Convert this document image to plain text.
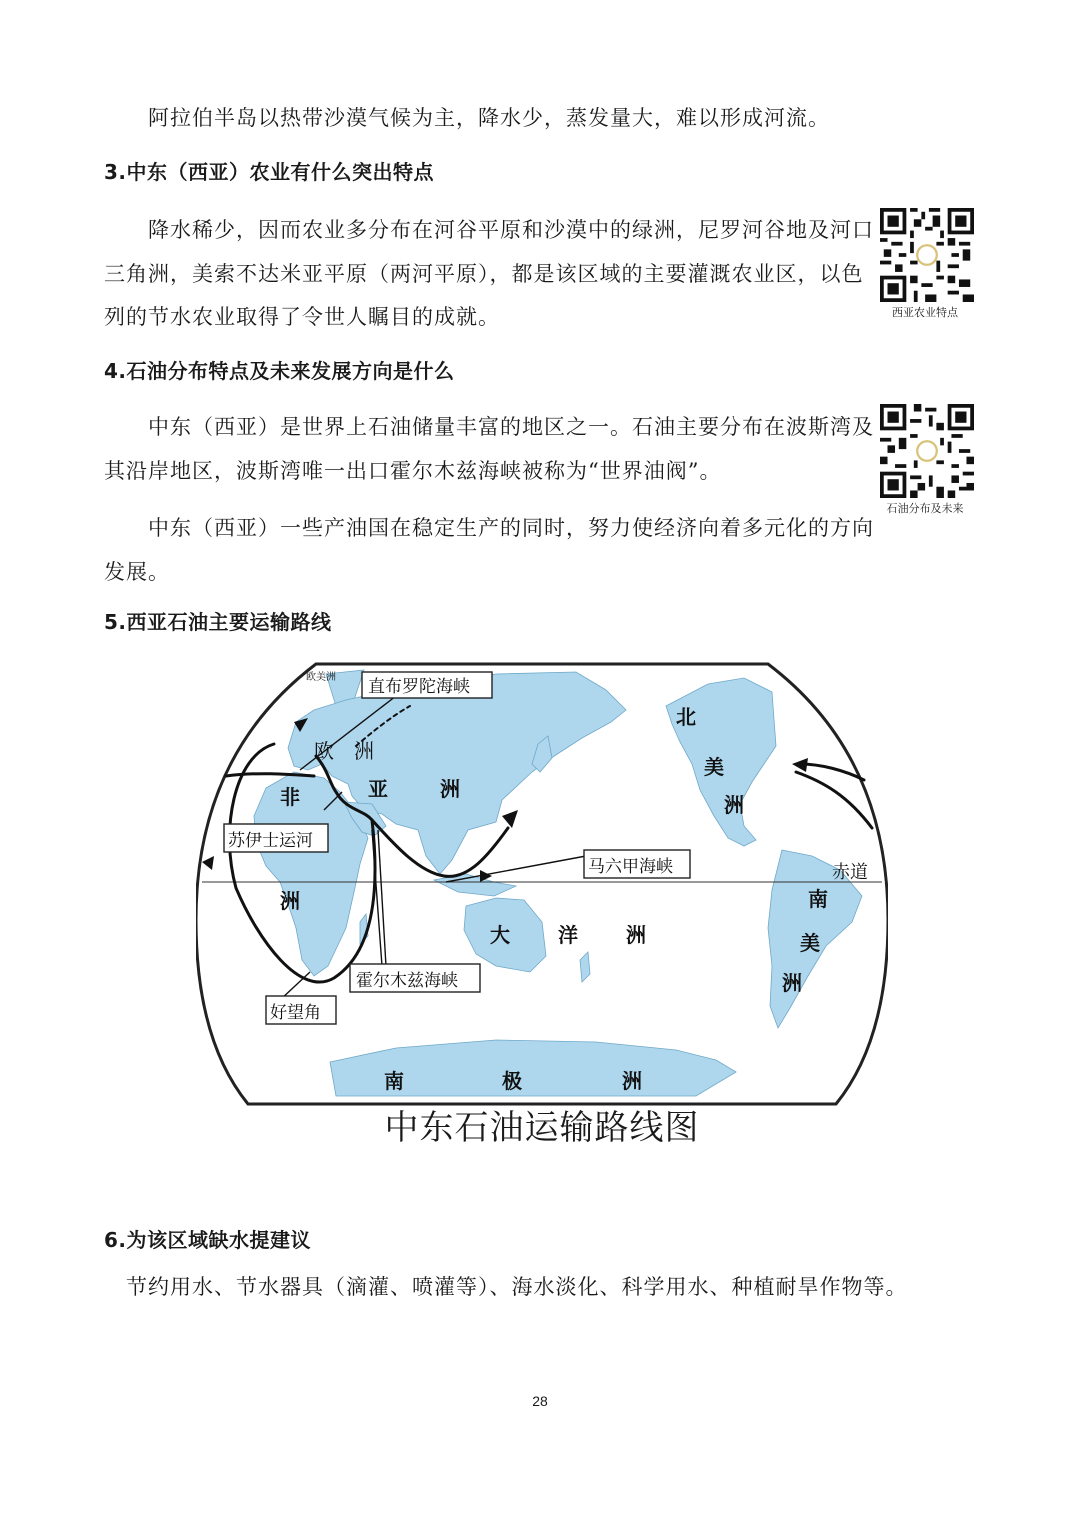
阿拉伯半岛以热带沙漠气候为主，降水少，蒸发量大，难以形成河流。

3.中东（西亚）农业有什么突出特点

降水稀少，因而农业多分布在河谷平原和沙漠中的绿洲，尼罗河谷地及河口

三角洲，美索不达米亚平原（两河平原），都是该区域的主要灌溉农业区，以色

列的节水农业取得了令世人瞩目的成就。	西亚农业特点
4.石油分布特点及未来发展方向是什么

中东（西亚）是世界上石油储量丰富的地区之一。石油主要分布在波斯湾及

其沿岸地区，波斯湾唯一出口霍尔木兹海峡被称为“世界油阀”。

中东（西亚）一些产油国在稳定生产的同时，努力使经济向着多元化的方向

发展。

石油分布及未来
5.西亚石油主要运输路线
欧美洲 直布罗陀海峡
欧 洲
非
洲
亚	洲
苏伊士运河
马六甲海峡
霍尔木兹海峡
好望角
大 洋 洲
北
美
洲
赤道
南
美
洲
南	极	洲
中东石油运输路线图
6.为该区域缺水提建议

节约用水、节水器具（滴灌、喷灌等）、海水淡化、科学用水、种植耐旱作物等。

28
